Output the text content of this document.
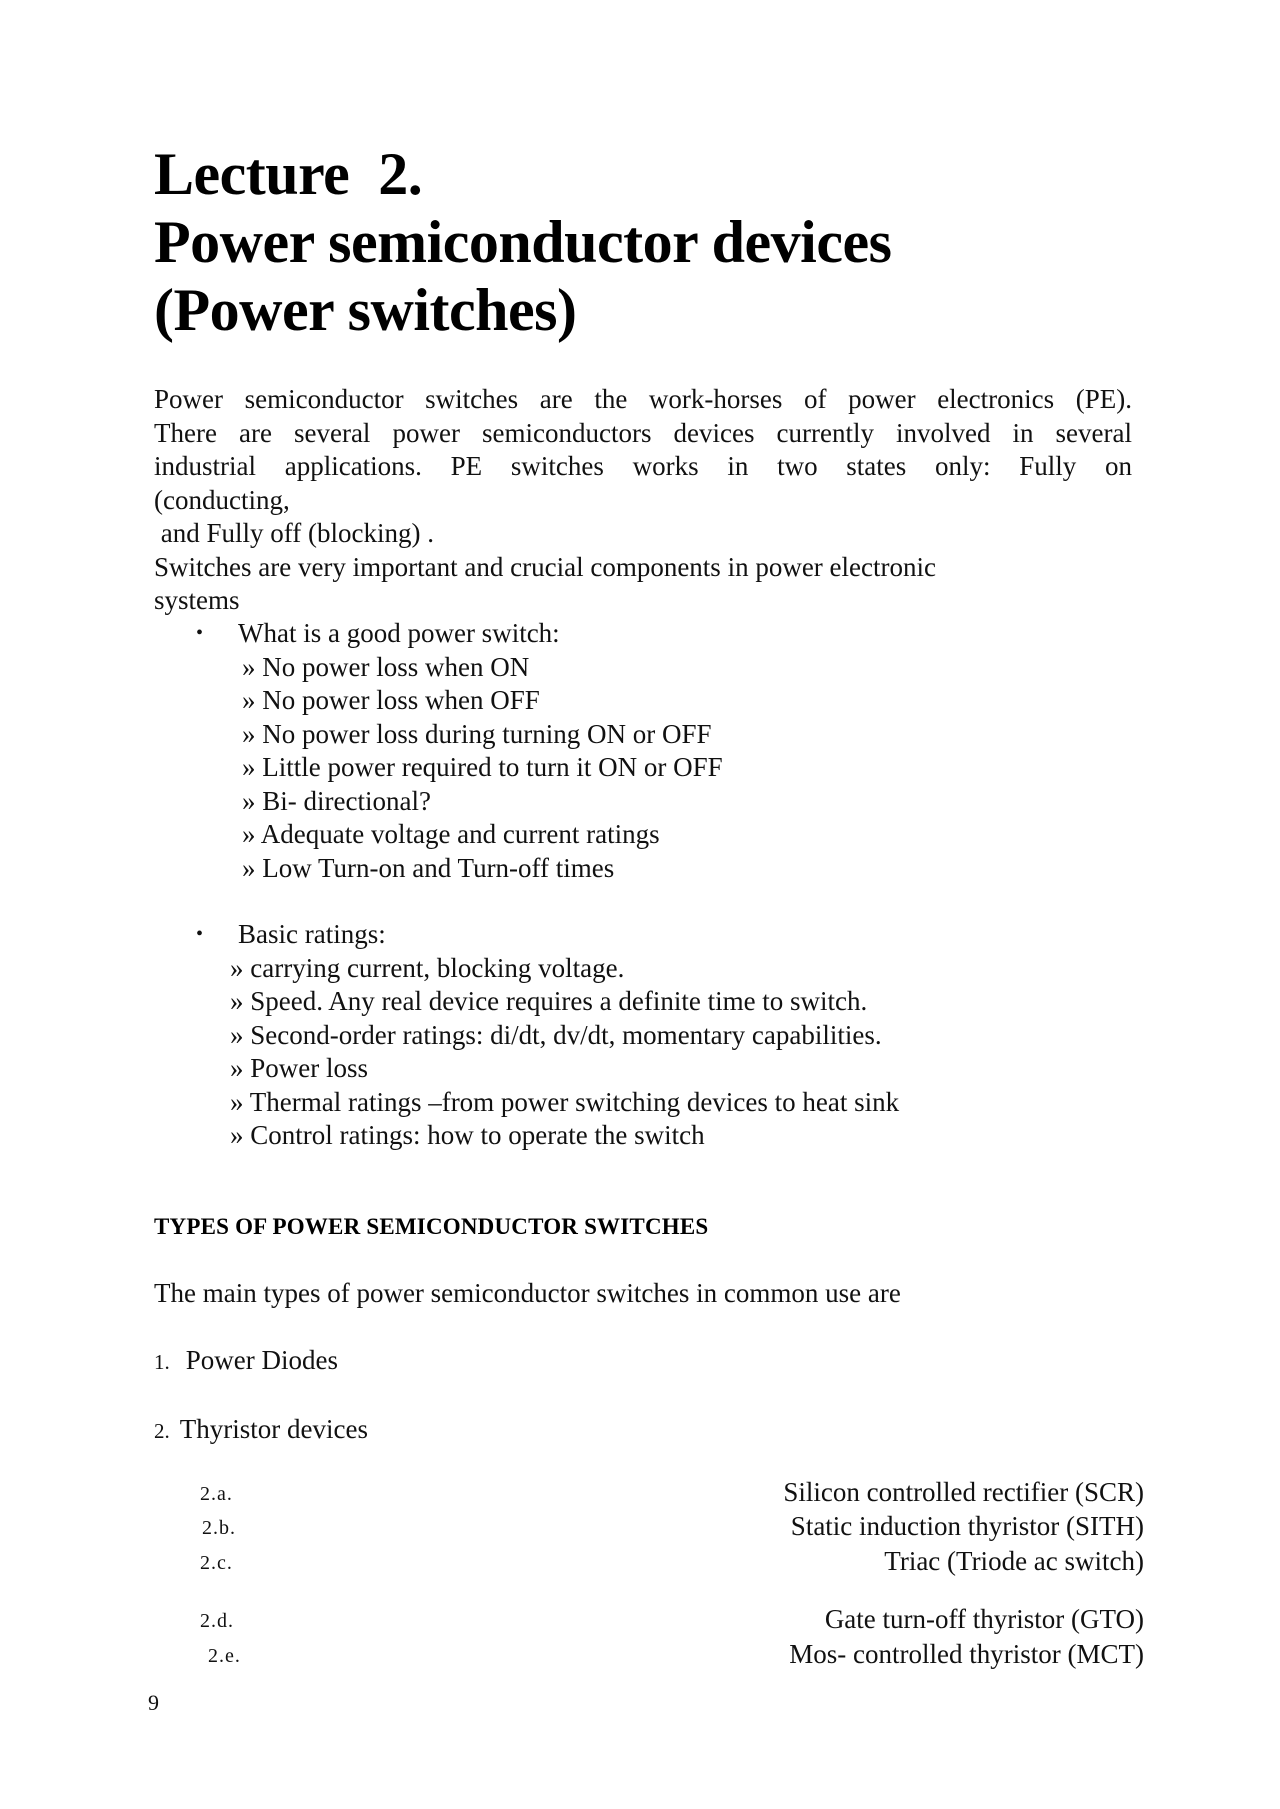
Lecture  2.
Power semiconductor devices
(Power switches)
Power semiconductor switches are the work-horses of power electronics (PE).
There are several power semiconductors devices currently involved in several
industrial applications. PE switches works in two states only: Fully on
(conducting,
and Fully off (blocking) .
Switches are very important and crucial components in power electronic
systems
• What is a good power switch:
» No power loss when ON
» No power loss when OFF
» No power loss during turning ON or OFF
» Little power required to turn it ON or OFF
» Bi- directional?
» Adequate voltage and current ratings
» Low Turn-on and Turn-off times
• Basic ratings:
» carrying current, blocking voltage.
» Speed. Any real device requires a definite time to switch.
» Second-order ratings: di/dt, dv/dt, momentary capabilities.
» Power loss
» Thermal ratings –from power switching devices to heat sink
» Control ratings: how to operate the switch
TYPES OF POWER SEMICONDUCTOR SWITCHES

The main types of power semiconductor switches in common use are

1. Power Diodes

2. Thyristor devices

2.a.	Silicon controlled rectifier (SCR)
2.b.	Static induction thyristor (SITH)
2.c.	Triac (Triode ac switch)
2.d.	Gate turn-off thyristor (GTO)
2.e.	Mos- controlled thyristor (MCT)
9
